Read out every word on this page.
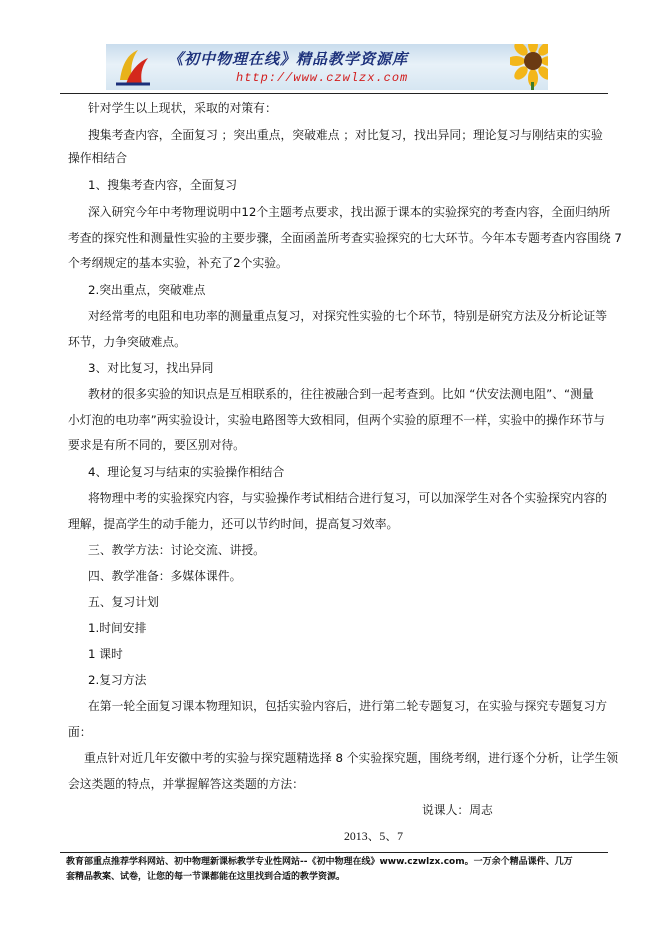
《初中物理在线》精品教学资源库
http://www.czwlzx.com
针对学生以上现状，采取的对策有：
搜集考查内容，全面复习 ；突出重点，突破难点 ；对比复习，找出异同；理论复习与刚结束的实验
操作相结合
1、搜集考查内容，全面复习
深入研究今年中考物理说明中12个主题考点要求，找出源于课本的实验探究的考查内容，全面归纳所
考查的探究性和测量性实验的主要步骤，全面函盖所考查实验探究的七大环节。今年本专题考查内容围绕 7
个考纲规定的基本实验，补充了2个实验。
2.突出重点，突破难点
对经常考的电阻和电功率的测量重点复习，对探究性实验的七个环节，特别是研究方法及分析论证等
环节，力争突破难点。
3、对比复习，找出异同
教材的很多实验的知识点是互相联系的，往往被融合到一起考查到。比如 “伏安法测电阻”、“测量
小灯泡的电功率”两实验设计，实验电路图等大致相同，但两个实验的原理不一样，实验中的操作环节与
要求是有所不同的，要区别对待。
4、理论复习与结束的实验操作相结合
将物理中考的实验探究内容，与实验操作考试相结合进行复习，可以加深学生对各个实验探究内容的
理解，提高学生的动手能力，还可以节约时间，提高复习效率。
三、教学方法：讨论交流、讲授。
四、教学准备：多媒体课件。
五、复习计划
1.时间安排
1 课时
2.复习方法
在第一轮全面复习课本物理知识，包括实验内容后，进行第二轮专题复习，在实验与探究专题复习方
面：
重点针对近几年安徽中考的实验与探究题精选择 8 个实验探究题，围绕考纲，进行逐个分析，让学生领
会这类题的特点，并掌握解答这类题的方法：
说课人：周志
2013、5、7
教育部重点推荐学科网站、初中物理新课标教学专业性网站--《初中物理在线》www.czwlzx.com。一万余个精品课件、几万
套精品教案、试卷，让您的每一节课都能在这里找到合适的教学资源。
